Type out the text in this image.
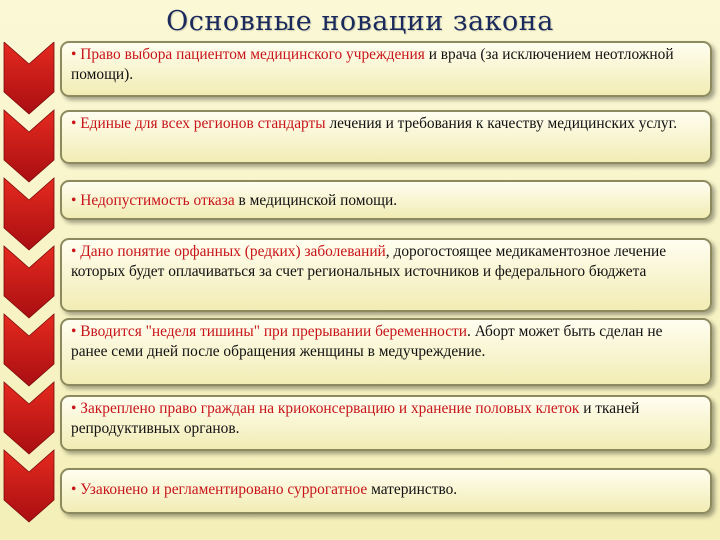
Основные новации закона
• Право выбора пациентом медицинского учреждения и врача (за исключением неотложной помощи).
• Единые для всех регионов стандарты лечения и требования к качеству медицинских услуг.
• Недопустимость отказа в медицинской помощи.
• Дано понятие орфанных (редких) заболеваний, дорогостоящее медикаментозное лечение которых будет оплачиваться за счет региональных источников и федерального бюджета
• Вводится "неделя тишины" при прерывании беременности. Аборт может быть сделан не ранее семи дней после обращения женщины в медучреждение.
• Закреплено право граждан на криоконсервацию и хранение половых клеток и тканей репродуктивных органов.
• Узаконено и регламентировано суррогатное материнство.
